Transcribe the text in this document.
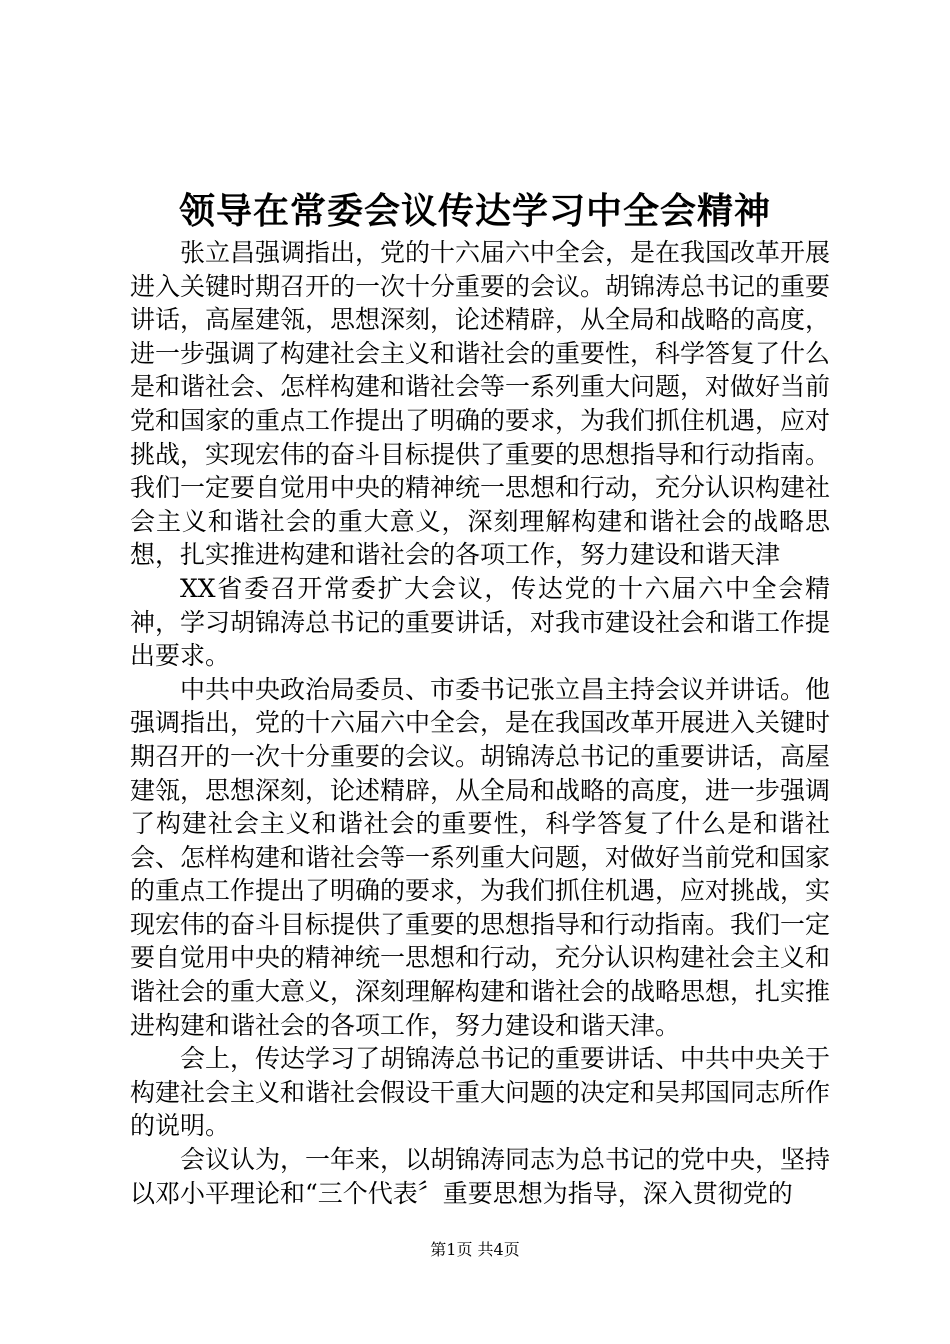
领导在常委会议传达学习中全会精神

张立昌强调指出，党的十六届六中全会，是在我国改革开展进入关键时期召开的一次十分重要的会议。胡锦涛总书记的重要讲话，高屋建瓴，思想深刻，论述精辟，从全局和战略的高度，进一步强调了构建社会主义和谐社会的重要性，科学答复了什么是和谐社会、怎样构建和谐社会等一系列重大问题，对做好当前党和国家的重点工作提出了明确的要求，为我们抓住机遇，应对挑战，实现宏伟的奋斗目标提供了重要的思想指导和行动指南。我们一定要自觉用中央的精神统一思想和行动，充分认识构建社会主义和谐社会的重大意义，深刻理解构建和谐社会的战略思想，扎实推进构建和谐社会的各项工作，努力建设和谐天津

XX省委召开常委扩大会议，传达党的十六届六中全会精神，学习胡锦涛总书记的重要讲话，对我市建设社会和谐工作提出要求。

中共中央政治局委员、市委书记张立昌主持会议并讲话。他强调指出，党的十六届六中全会，是在我国改革开展进入关键时期召开的一次十分重要的会议。胡锦涛总书记的重要讲话，高屋建瓴，思想深刻，论述精辟，从全局和战略的高度，进一步强调了构建社会主义和谐社会的重要性，科学答复了什么是和谐社会、怎样构建和谐社会等一系列重大问题，对做好当前党和国家的重点工作提出了明确的要求，为我们抓住机遇，应对挑战，实现宏伟的奋斗目标提供了重要的思想指导和行动指南。我们一定要自觉用中央的精神统一思想和行动，充分认识构建社会主义和谐社会的重大意义，深刻理解构建和谐社会的战略思想，扎实推进构建和谐社会的各项工作，努力建设和谐天津。

会上，传达学习了胡锦涛总书记的重要讲话、中共中央关于构建社会主义和谐社会假设干重大问题的决定和吴邦国同志所作的说明。

会议认为，一年来，以胡锦涛同志为总书记的党中央，坚持以邓小平理论和“三个代表〞重要思想为指导，深入贯彻党的

第1页 共4页
